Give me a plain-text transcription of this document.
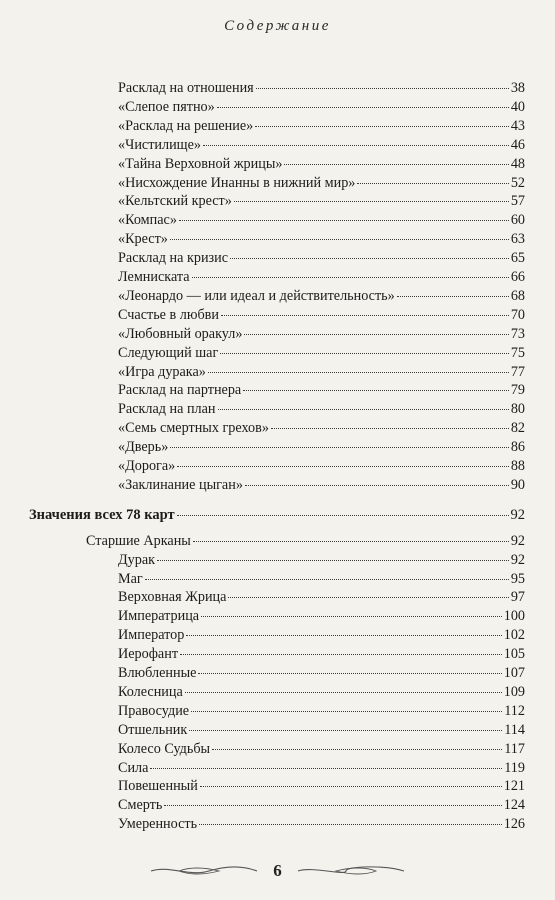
Содержание
Расклад на отношения	38
«Слепое пятно»	40
«Расклад на решение»	43
«Чистилище»	46
«Тайна Верховной жрицы»	48
«Нисхождение Инанны в нижний мир»	52
«Кельтский крест»	57
«Компас»	60
«Крест»	63
Расклад на кризис	65
Лемниската	66
«Леонардо — или идеал и действительность»	68
Счастье в любви	70
«Любовный оракул»	73
Следующий шаг	75
«Игра дурака»	77
Расклад на партнера	79
Расклад на план	80
«Семь смертных грехов»	82
«Дверь»	86
«Дорога»	88
«Заклинание цыган»	90
Значения всех 78 карт	92
Старшие Арканы	92
Дурак	92
Маг	95
Верховная Жрица	97
Императрица	100
Император	102
Иерофант	105
Влюбленные	107
Колесница	109
Правосудие	112
Отшельник	114
Колесо Судьбы	117
Сила	119
Повешенный	121
Смерть	124
Умеренность	126
6
